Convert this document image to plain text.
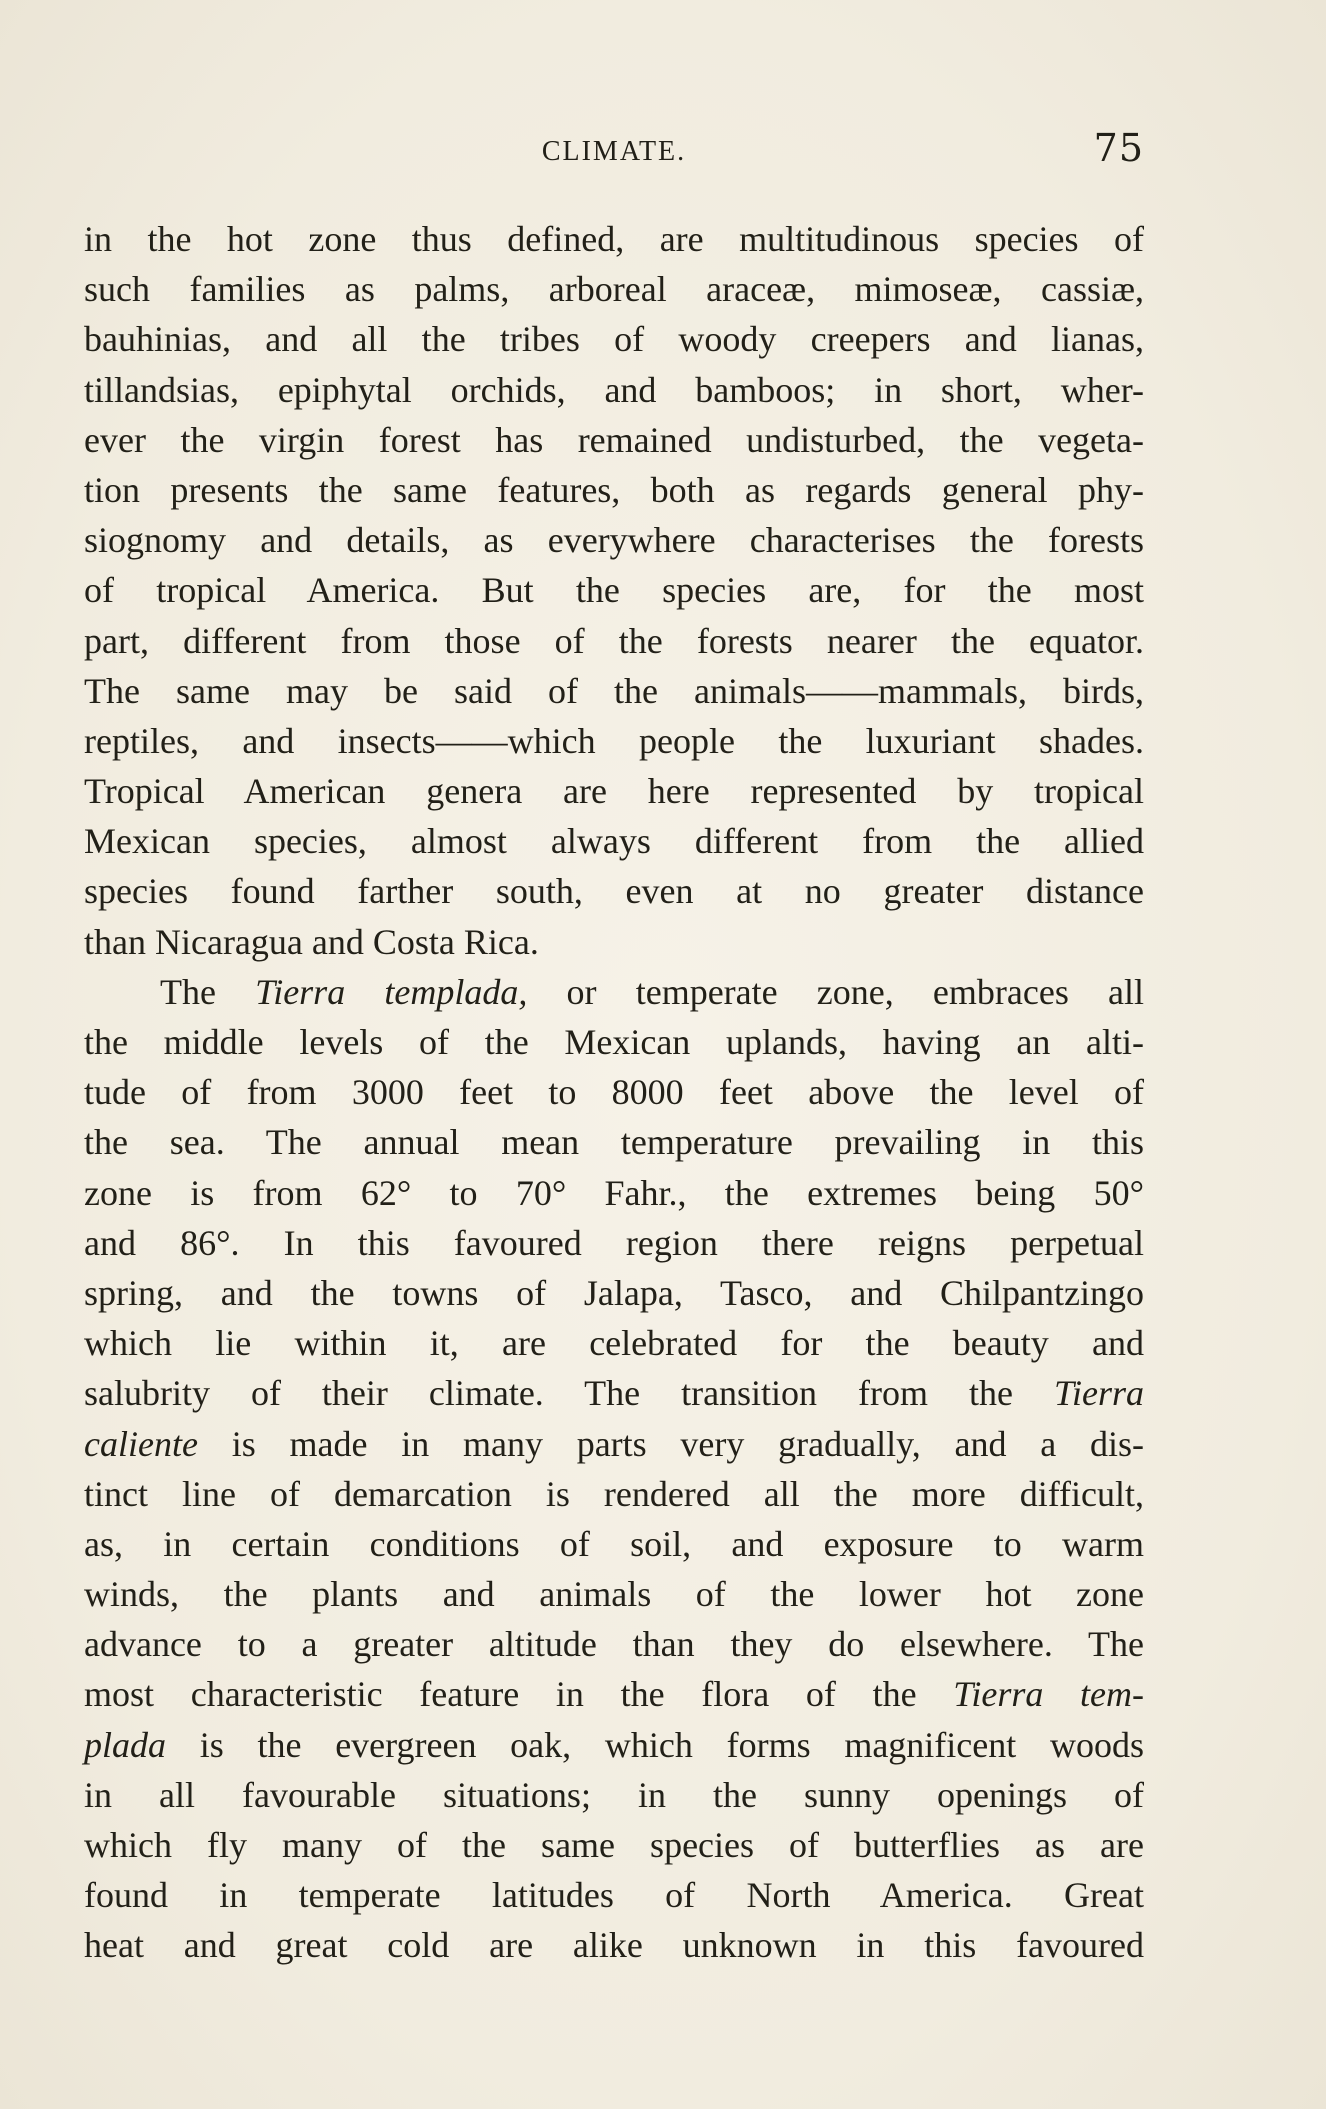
CLIMATE.	75
in the hot zone thus defined, are multitudinous species of
such families as palms, arboreal araceæ, mimoseæ, cassiæ,
bauhinias, and all the tribes of woody creepers and lianas,
tillandsias, epiphytal orchids, and bamboos; in short, wher-
ever the virgin forest has remained undisturbed, the vegeta-
tion presents the same features, both as regards general phy-
siognomy and details, as everywhere characterises the forests
of tropical America. But the species are, for the most
part, different from those of the forests nearer the equator.
The same may be said of the animals——mammals, birds,
reptiles, and insects——which people the luxuriant shades.
Tropical American genera are here represented by tropical
Mexican species, almost always different from the allied
species found farther south, even at no greater distance
than Nicaragua and Costa Rica.
The Tierra templada, or temperate zone, embraces all
the middle levels of the Mexican uplands, having an alti-
tude of from 3000 feet to 8000 feet above the level of
the sea. The annual mean temperature prevailing in this
zone is from 62° to 70° Fahr., the extremes being 50°
and 86°. In this favoured region there reigns perpetual
spring, and the towns of Jalapa, Tasco, and Chilpantzingo
which lie within it, are celebrated for the beauty and
salubrity of their climate. The transition from the Tierra
caliente is made in many parts very gradually, and a dis-
tinct line of demarcation is rendered all the more difficult,
as, in certain conditions of soil, and exposure to warm
winds, the plants and animals of the lower hot zone
advance to a greater altitude than they do elsewhere. The
most characteristic feature in the flora of the Tierra tem-
plada is the evergreen oak, which forms magnificent woods
in all favourable situations; in the sunny openings of
which fly many of the same species of butterflies as are
found in temperate latitudes of North America. Great
heat and great cold are alike unknown in this favoured
